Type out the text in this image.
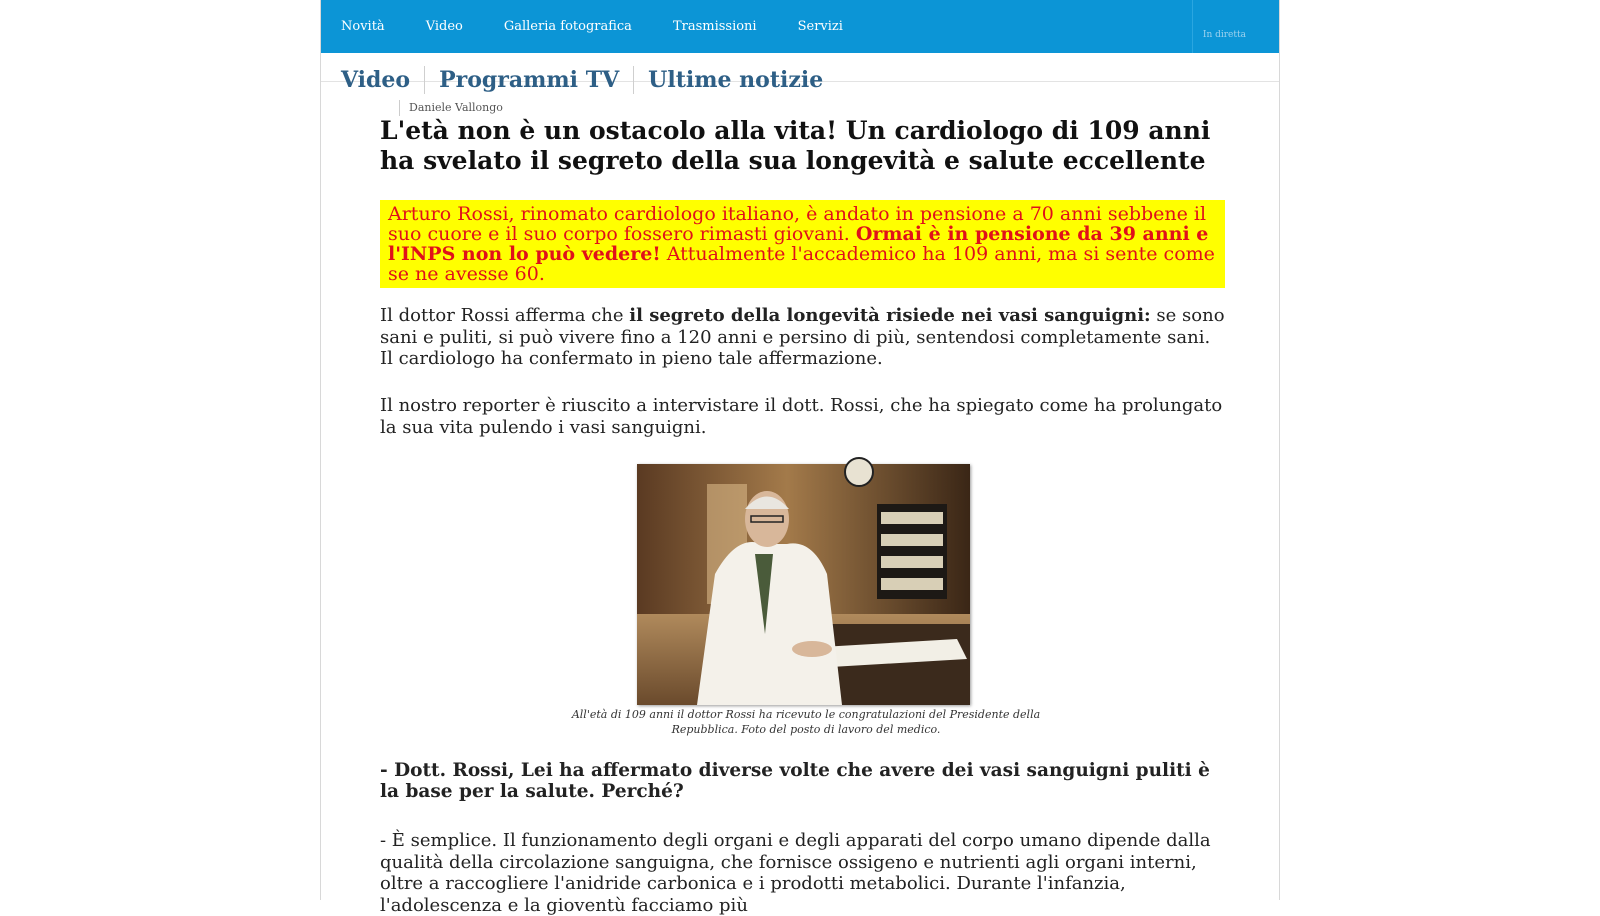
Novità	Video	Galleria fotografica	Trasmissioni	Servizi
In diretta
Video	Programmi TV	Ultime notizie
Daniele Vallongo
L'età non è un ostacolo alla vita! Un cardiologo di 109 anni ha svelato il segreto della sua longevità e salute eccellente
Arturo Rossi, rinomato cardiologo italiano, è andato in pensione a 70 anni sebbene il suo cuore e il suo corpo fossero rimasti giovani. Ormai è in pensione da 39 anni e l'INPS non lo può vedere! Attualmente l'accademico ha 109 anni, ma si sente come se ne avesse 60.

Il dottor Rossi afferma che il segreto della longevità risiede nei vasi sanguigni: se sono sani e puliti, si può vivere fino a 120 anni e persino di più, sentendosi completamente sani. Il cardiologo ha confermato in pieno tale affermazione.

Il nostro reporter è riuscito a intervistare il dott. Rossi, che ha spiegato come ha prolungato la sua vita pulendo i vasi sanguigni.

All'età di 109 anni il dottor Rossi ha ricevuto le congratulazioni del Presidente della Repubblica. Foto del posto di lavoro del medico.

- Dott. Rossi, Lei ha affermato diverse volte che avere dei vasi sanguigni puliti è la base per la salute. Perché?

- È semplice. Il funzionamento degli organi e degli apparati del corpo umano dipende dalla qualità della circolazione sanguigna, che fornisce ossigeno e nutrienti agli organi interni, oltre a raccogliere l'anidride carbonica e i prodotti metabolici. Durante l'infanzia, l'adolescenza e la gioventù facciamo più
